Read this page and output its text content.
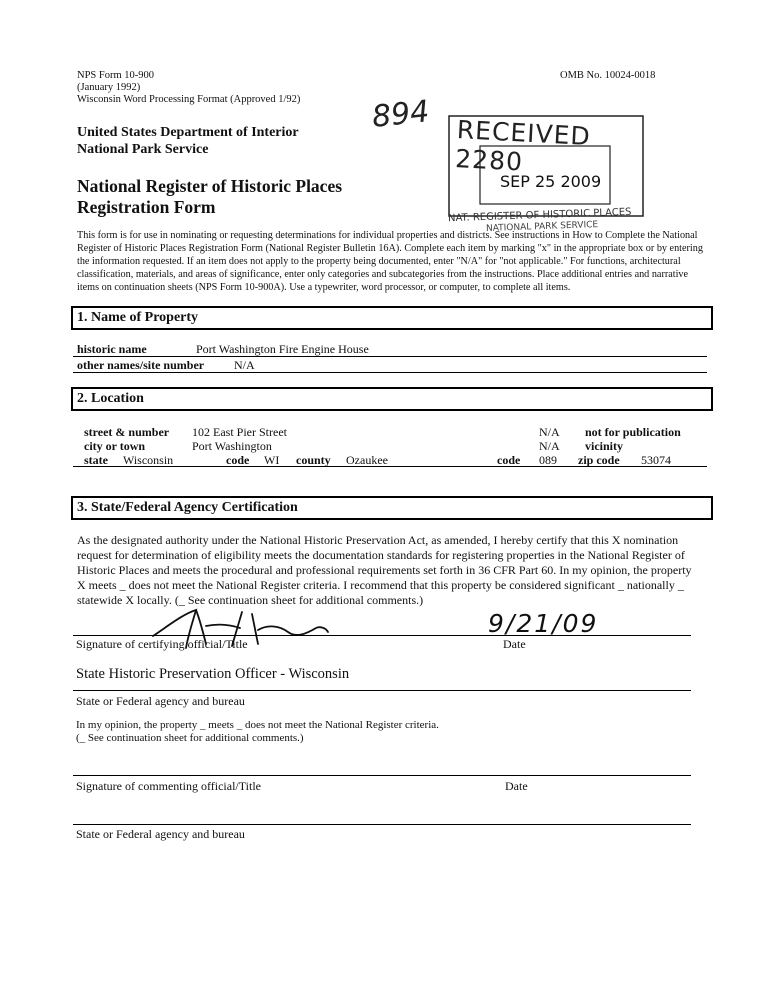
NPS Form 10-900
(January 1992)
Wisconsin Word Processing Format (Approved 1/92)
OMB No. 10024-0018
894
United States Department of Interior
National Park Service
National Register of Historic Places
Registration Form
RECEIVED 2280
SEP 25 2009
NAT. REGISTER OF HISTORIC PLACES
NATIONAL PARK SERVICE
This form is for use in nominating or requesting determinations for individual properties and districts. See instructions in How to Complete the National Register of Historic Places Registration Form (National Register Bulletin 16A). Complete each item by marking "x" in the appropriate box or by entering the information requested. If an item does not apply to the property being documented, enter "N/A" for "not applicable." For functions, architectural classification, materials, and areas of significance, enter only categories and subcategories from the instructions. Place additional entries and narrative items on continuation sheets (NPS Form 10-900A). Use a typewriter, word processor, or computer, to complete all items.
1. Name of Property
historic name	Port Washington Fire Engine House
other names/site number N/A
2. Location
street & number 102 East Pier Street	N/A not for publication
city or town	Port Washington	N/A vicinity
state Wisconsin	code WI county Ozaukee	code 089 zip code 53074
3. State/Federal Agency Certification
As the designated authority under the National Historic Preservation Act, as amended, I hereby certify that this X nomination request for determination of eligibility meets the documentation standards for registering properties in the National Register of Historic Places and meets the procedural and professional requirements set forth in 36 CFR Part 60. In my opinion, the property X meets _ does not meet the National Register criteria. I recommend that this property be considered significant _ nationally _ statewide X locally. (_ See continuation sheet for additional comments.)
9/21/09
Signature of certifying official/Title	Date
State Historic Preservation Officer - Wisconsin
State or Federal agency and bureau
In my opinion, the property _ meets _ does not meet the National Register criteria.
(_ See continuation sheet for additional comments.)
Signature of commenting official/Title	Date
State or Federal agency and bureau
